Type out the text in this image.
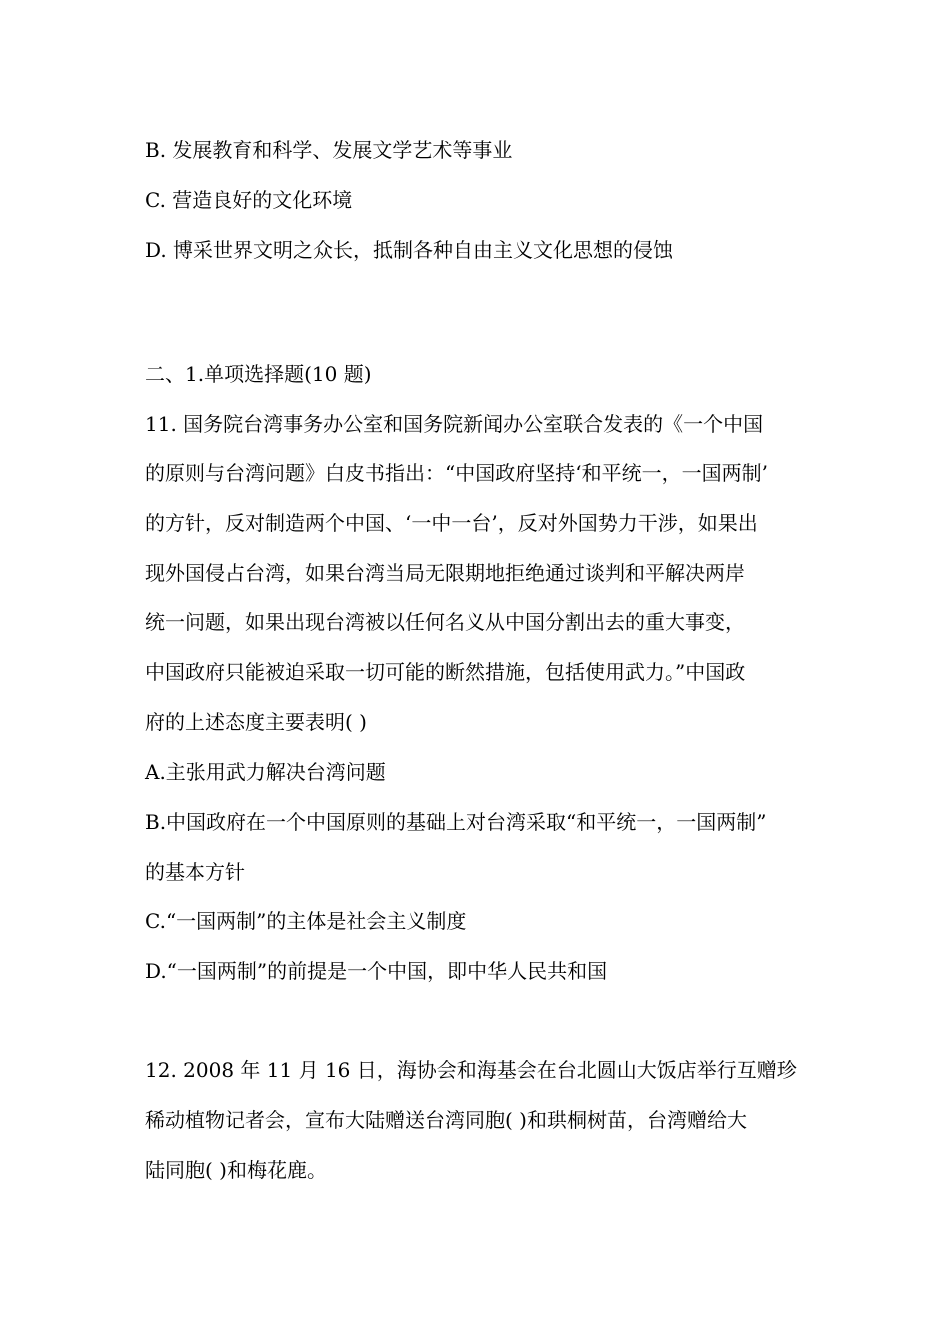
B. 发展教育和科学、发展文学艺术等事业
C. 营造良好的文化环境
D. 博采世界文明之众长，抵制各种自由主义文化思想的侵蚀
二、1.单项选择题(10 题)
11. 国务院台湾事务办公室和国务院新闻办公室联合发表的《一个中国
的原则与台湾问题》白皮书指出：“中国政府坚持‘和平统一，一国两制’
的方针，反对制造两个中国、‘一中一台’，反对外国势力干涉，如果出
现外国侵占台湾，如果台湾当局无限期地拒绝通过谈判和平解决两岸
统一问题，如果出现台湾被以任何名义从中国分割出去的重大事变，
中国政府只能被迫采取一切可能的断然措施，包括使用武力。”中国政
府的上述态度主要表明( )
A.主张用武力解决台湾问题
B.中国政府在一个中国原则的基础上对台湾采取“和平统一，一国两制”
的基本方针
C.“一国两制”的主体是社会主义制度
D.“一国两制”的前提是一个中国，即中华人民共和国
12. 2008 年 11 月 16 日，海协会和海基会在台北圆山大饭店举行互赠珍
稀动植物记者会，宣布大陆赠送台湾同胞( )和珙桐树苗，台湾赠给大
陆同胞( )和梅花鹿。
